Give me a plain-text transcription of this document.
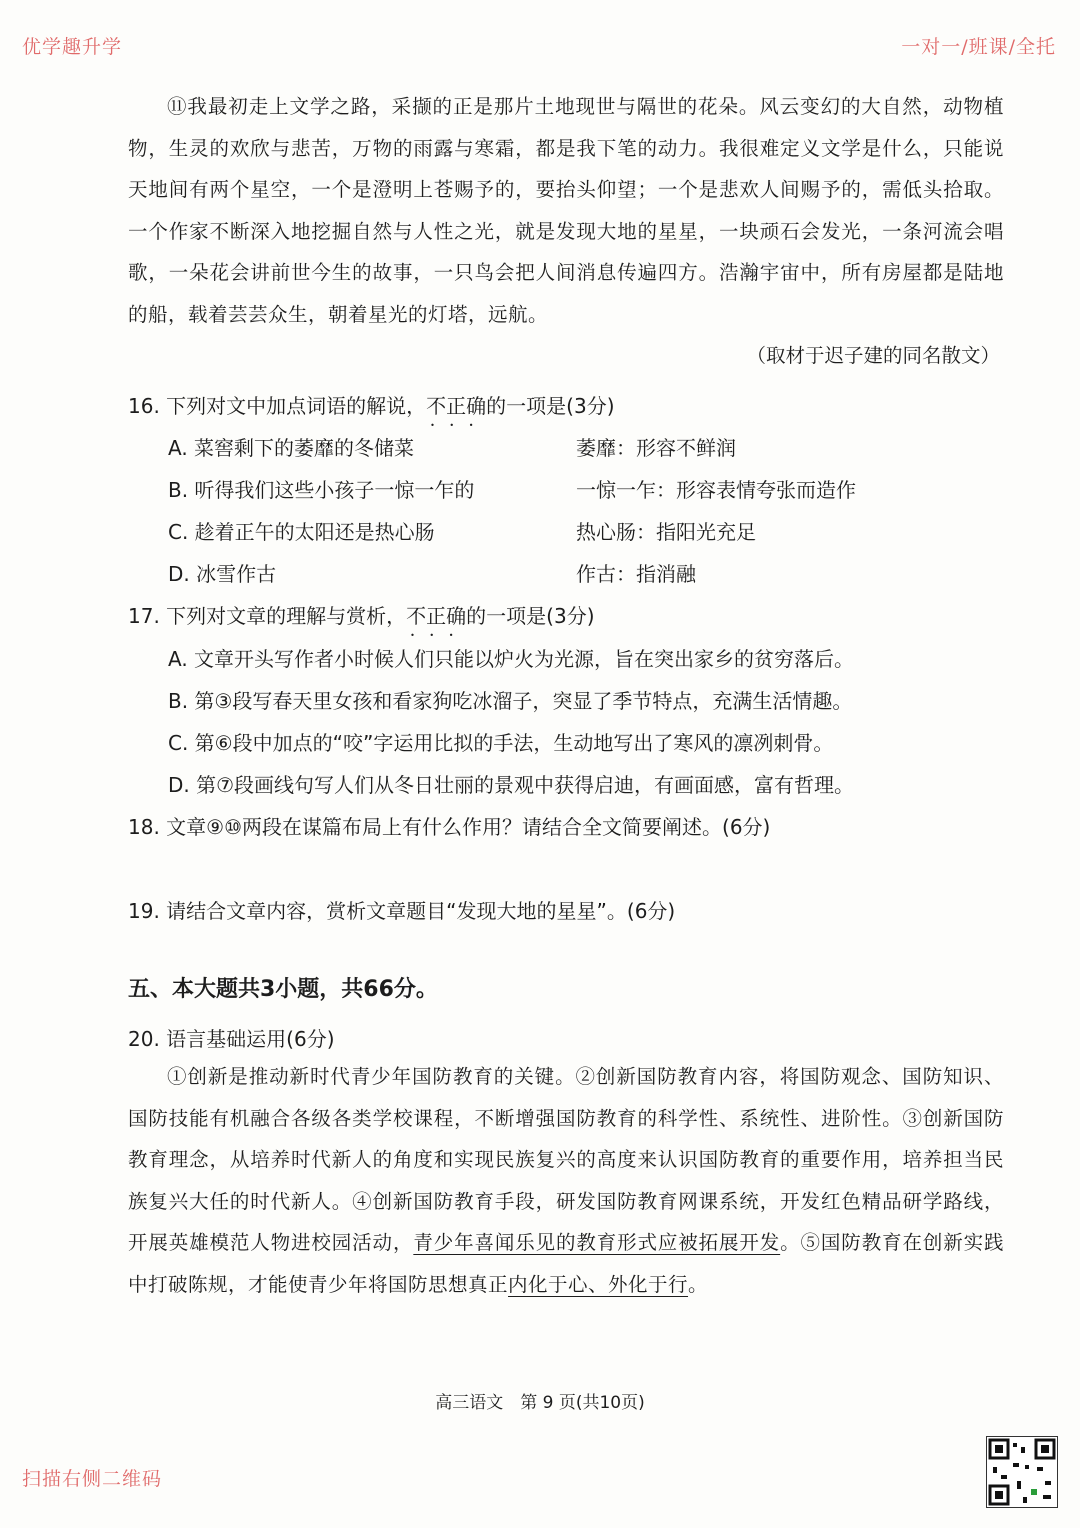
优学趣升学	一对一/班课/全托
⑪我最初走上文学之路，采撷的正是那片土地现世与隔世的花朵。风云变幻的大自然，动物植物，生灵的欢欣与悲苦，万物的雨露与寒霜，都是我下笔的动力。我很难定义文学是什么，只能说天地间有两个星空，一个是澄明上苍赐予的，要抬头仰望；一个是悲欢人间赐予的，需低头拾取。一个作家不断深入地挖掘自然与人性之光，就是发现大地的星星，一块顽石会发光，一条河流会唱歌，一朵花会讲前世今生的故事，一只鸟会把人间消息传遍四方。浩瀚宇宙中，所有房屋都是陆地的船，载着芸芸众生，朝着星光的灯塔，远航。
（取材于迟子建的同名散文）
16. 下列对文中加点词语的解说，不正确 • • •的一项是(3分)
A. 菜窖剩下的萎靡的冬储菜	萎靡：形容不鲜润
B. 听得我们这些小孩子一惊一乍的	一惊一乍：形容表情夸张而造作
C. 趁着正午的太阳还是热心肠	热心肠：指阳光充足
D. 冰雪作古	作古：指消融
17. 下列对文章的理解与赏析，不正确 • • •的一项是(3分)
A. 文章开头写作者小时候人们只能以炉火为光源，旨在突出家乡的贫穷落后。
B. 第③段写春天里女孩和看家狗吃冰溜子，突显了季节特点，充满生活情趣。
C. 第⑥段中加点的“咬”字运用比拟的手法，生动地写出了寒风的凛冽刺骨。
D. 第⑦段画线句写人们从冬日壮丽的景观中获得启迪，有画面感，富有哲理。
18. 文章⑨⑩两段在谋篇布局上有什么作用？请结合全文简要阐述。(6分)
19. 请结合文章内容，赏析文章题目“发现大地的星星”。(6分)
五、本大题共3小题，共66分。
20. 语言基础运用(6分)
①创新是推动新时代青少年国防教育的关键。②创新国防教育内容，将国防观念、国防知识、国防技能有机融合各级各类学校课程，不断增强国防教育的科学性、系统性、进阶性。③创新国防教育理念，从培养时代新人的角度和实现民族复兴的高度来认识国防教育的重要作用，培养担当民族复兴大任的时代新人。④创新国防教育手段，研发国防教育网课系统，开发红色精品研学路线，开展英雄模范人物进校园活动，青少年喜闻乐见的教育形式应被拓展开发。⑤国防教育在创新实践中打破陈规，才能使青少年将国防思想真正内化于心、外化于行。
高三语文　第 9 页(共10页)
扫描右侧二维码
